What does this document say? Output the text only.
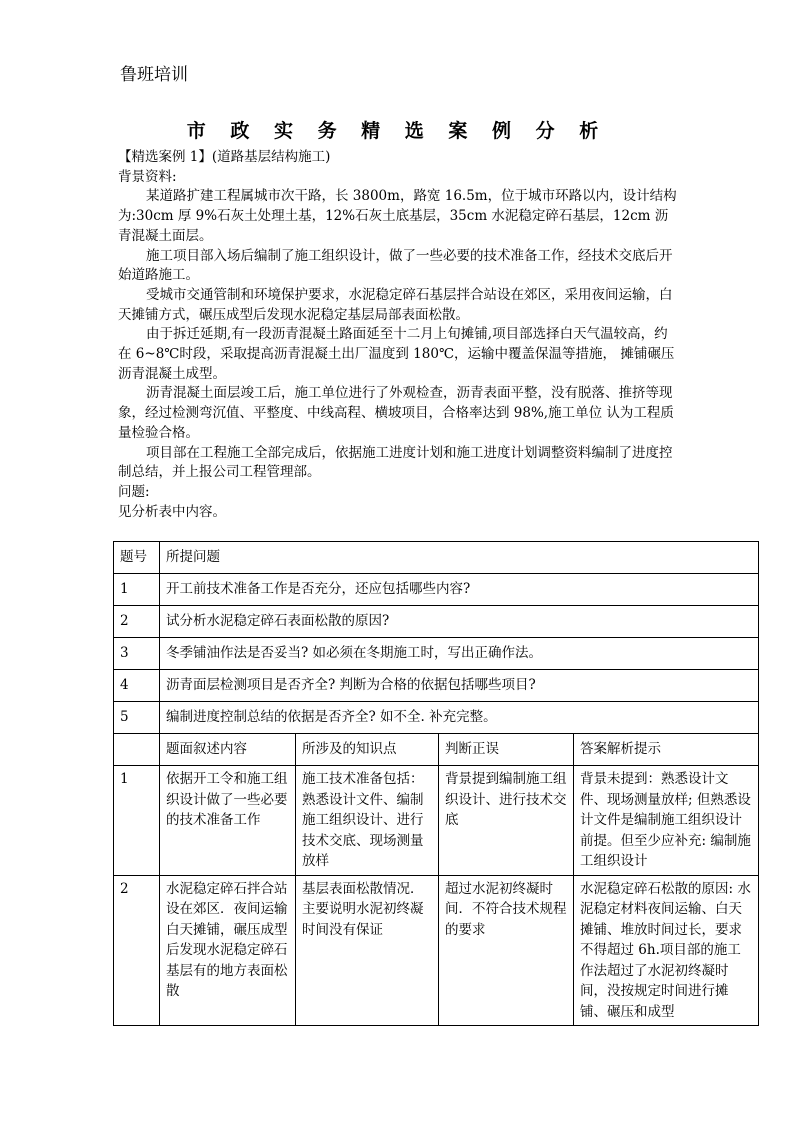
鲁班培训
市 政 实 务 精 选 案 例 分 析

【精选案例 1】(道路基层结构施工)

背景资料:

某道路扩建工程属城市次干路，长 3800m，路宽 16.5m，位于城市环路以内，设计结构为:30cm 厚 9%石灰土处理土基，12%石灰土底基层，35cm 水泥稳定碎石基层，12cm 沥青混凝土面层。

施工项目部入场后编制了施工组织设计，做了一些必要的技术准备工作，经技术交底后开始道路施工。

受城市交通管制和环境保护要求，水泥稳定碎石基层拌合站设在郊区，采用夜间运输，白天摊铺方式，碾压成型后发现水泥稳定基层局部表面松散。

由于拆迁延期,有一段沥青混凝土路面延至十二月上旬摊铺,项目部选择白天气温较高，约在 6~8℃时段，采取提高沥青混凝土出厂温度到 180℃，运输中覆盖保温等措施， 摊铺碾压沥青混凝土成型。

沥青混凝土面层竣工后，施工单位进行了外观检查，沥青表面平整，没有脱落、推挤等现象，经过检测弯沉值、平整度、中线高程、横坡项目，合格率达到 98%,施工单位 认为工程质量检验合格。

项目部在工程施工全部完成后，依据施工进度计划和施工进度计划调整资料编制了进度控制总结，并上报公司工程管理部。

问题:

见分析表中内容。

题号	所提问题			
1	开工前技术准备工作是否充分，还应包括哪些内容?			
2	试分析水泥稳定碎石表面松散的原因?			
3	冬季铺油作法是否妥当? 如必须在冬期施工时，写出正确作法。			
4	沥青面层检测项目是否齐全? 判断为合格的依据包括哪些项目?			
5	编制进度控制总结的依据是否齐全? 如不全. 补充完整。			
	题面叙述内容	所涉及的知识点	判断正误	答案解析提示
1	依据开工令和施工组织设计做了一些必要的技术准备工作	施工技术准备包括：熟悉设计文件、编制施工组织设计、进行技术交底、现场测量放样	背景提到编制施工组织设计、进行技术交底	背景未提到：熟悉设计文件、现场测量放样; 但熟悉设计文件是编制施工组织设计前提。但至少应补充: 编制施工组织设计
2	水泥稳定碎石拌合站设在郊区．夜间运输白天摊铺，碾压成型后发现水泥稳定碎石基层有的地方表面松散	基层表面松散情况．主要说明水泥初终凝时间没有保证	超过水泥初终凝时间．不符合技术规程的要求	水泥稳定碎石松散的原因: 水泥稳定材料夜间运输、白天摊铺、堆放时间过长，要求不得超过 6h.项目部的施工作法超过了水泥初终凝时间，没按规定时间进行摊铺、碾压和成型
